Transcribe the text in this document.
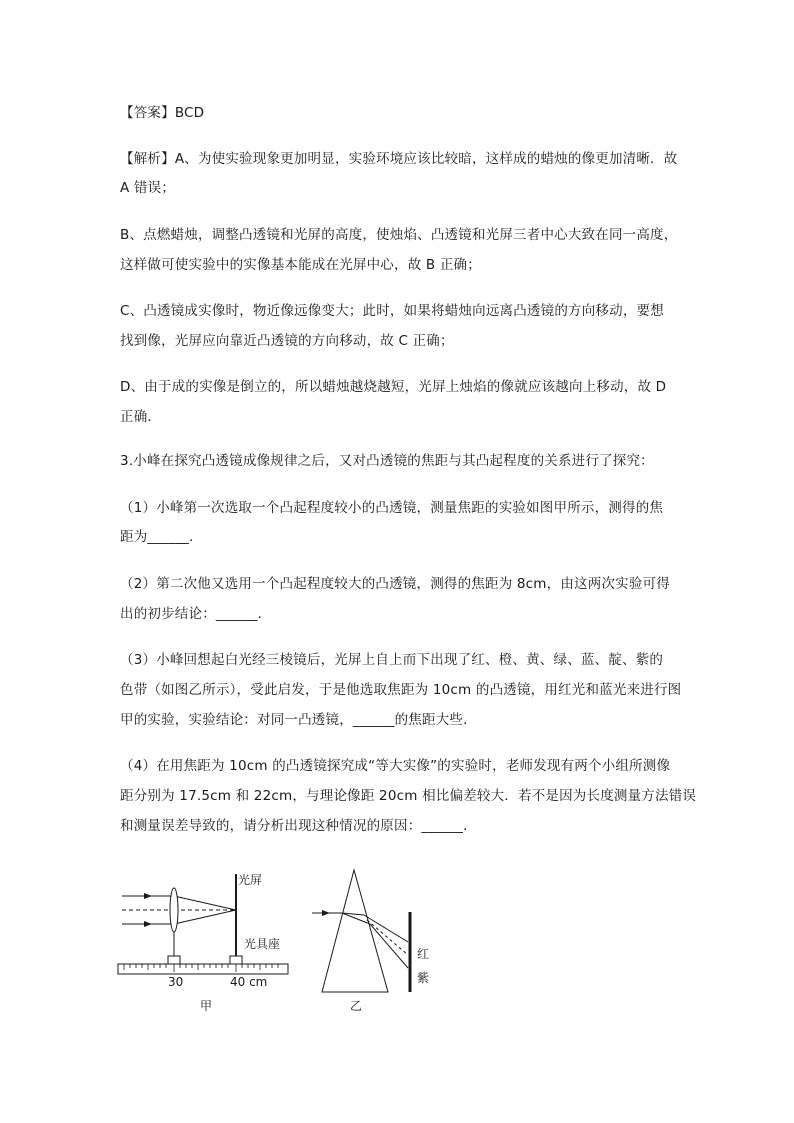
【答案】BCD
【解析】A、为使实验现象更加明显，实验环境应该比较暗，这样成的蜡烛的像更加清晰．故
A 错误；
B、点燃蜡烛，调整凸透镜和光屏的高度，使烛焰、凸透镜和光屏三者中心大致在同一高度，
这样做可使实验中的实像基本能成在光屏中心，故 B 正确；
C、凸透镜成实像时，物近像远像变大；此时，如果将蜡烛向远离凸透镜的方向移动，要想
找到像，光屏应向靠近凸透镜的方向移动，故 C 正确；
D、由于成的实像是倒立的，所以蜡烛越烧越短，光屏上烛焰的像就应该越向上移动，故 D
正确．
3.小峰在探究凸透镜成像规律之后，又对凸透镜的焦距与其凸起程度的关系进行了探究：
（1）小峰第一次选取一个凸起程度较小的凸透镜，测量焦距的实验如图甲所示，测得的焦
距为______．
（2）第二次他又选用一个凸起程度较大的凸透镜，测得的焦距为 8cm，由这两次实验可得
出的初步结论：______．
（3）小峰回想起白光经三棱镜后，光屏上自上而下出现了红、橙、黄、绿、蓝、靛、紫的
色带（如图乙所示），受此启发，于是他选取焦距为 10cm 的凸透镜，用红光和蓝光来进行图
甲的实验，实验结论：对同一凸透镜，______的焦距大些．
（4）在用焦距为 10cm 的凸透镜探究成“等大实像”的实验时，老师发现有两个小组所测像
距分别为 17.5cm 和 22cm，与理论像距 20cm 相比偏差较大．若不是因为长度测量方法错误
和测量误差导致的，请分析出现这种情况的原因：______．
光屏
光具座
30	40 cm
甲
红
紫
乙
